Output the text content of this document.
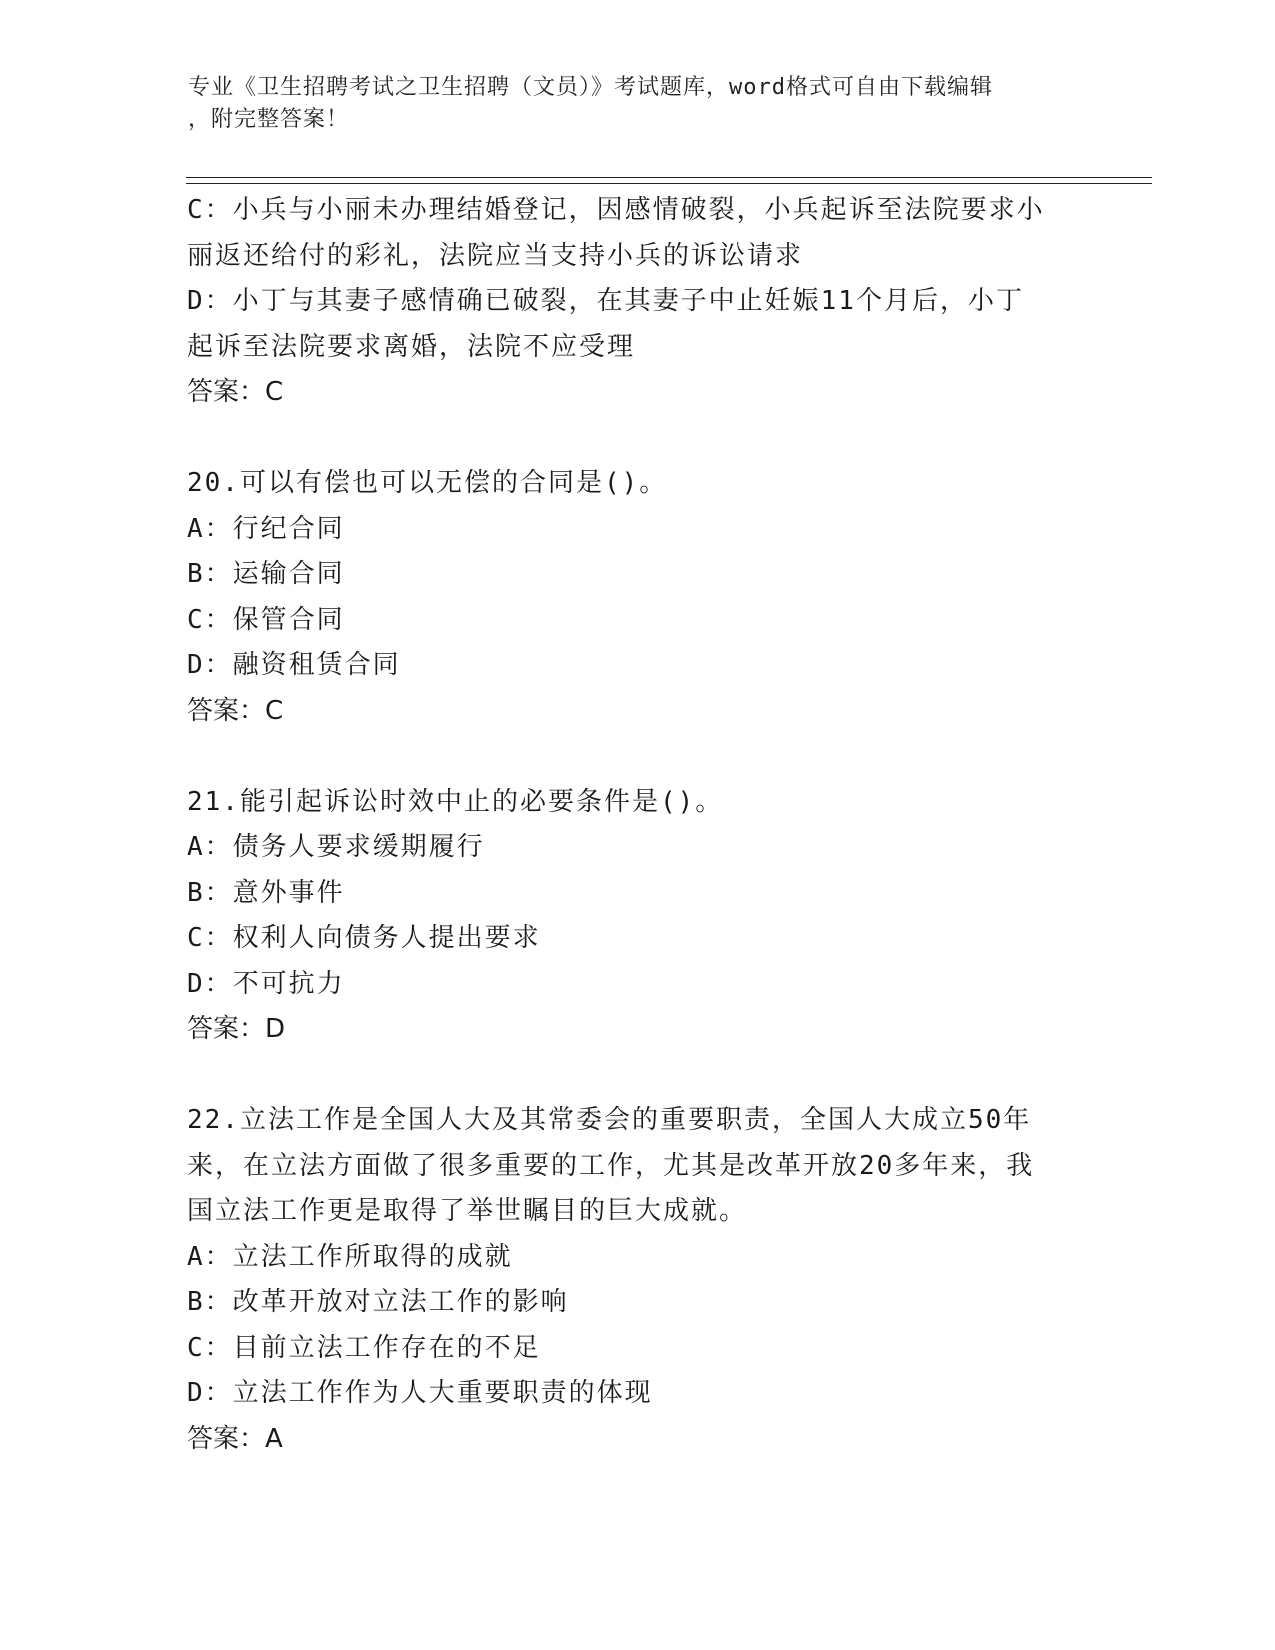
专业《卫生招聘考试之卫生招聘（文员）》考试题库，word格式可自由下载编辑
，附完整答案！
C：小兵与小丽未办理结婚登记，因感情破裂，小兵起诉至法院要求小
丽返还给付的彩礼，法院应当支持小兵的诉讼请求
D：小丁与其妻子感情确已破裂，在其妻子中止妊娠11个月后，小丁
起诉至法院要求离婚，法院不应受理
答案：C
20.可以有偿也可以无偿的合同是()。
A：行纪合同
B：运输合同
C：保管合同
D：融资租赁合同
答案：C
21.能引起诉讼时效中止的必要条件是()。
A：债务人要求缓期履行
B：意外事件
C：权利人向债务人提出要求
D：不可抗力
答案：D
22.立法工作是全国人大及其常委会的重要职责，全国人大成立50年
来，在立法方面做了很多重要的工作，尤其是改革开放20多年来，我
国立法工作更是取得了举世瞩目的巨大成就。
A：立法工作所取得的成就
B：改革开放对立法工作的影响
C：目前立法工作存在的不足
D：立法工作作为人大重要职责的体现
答案：A
